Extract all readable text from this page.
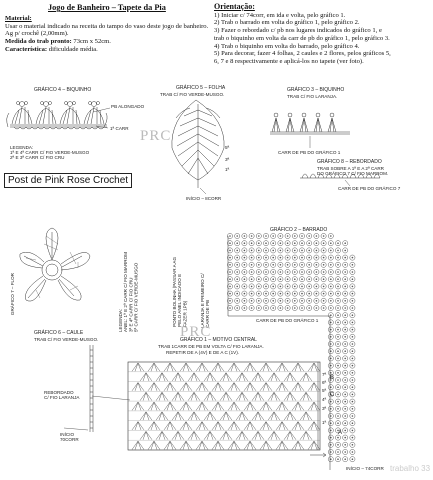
Jogo de Banheiro – Tapete da Pia
Material:
Usar o material indicado na receita do tampo do vaso deste jogo de banheiro.
Ag p/ crochê (2,00mm).
Medida do trab pronto: 73cm x 52cm.
Característica: dificuldade média.
Orientação:
1) Iniciar c/ 74corr, em ida e volta, pelo gráfico 1.
2) Trab o barrado em volta do gráfico 1, pelo gráfico 2.
3) Fazer o rebordado c/ pb nos lugares indicados do gráfico 1, e
trab o biquinho em volta da carr de pb do gráfico 1, pelo gráfico 3.
4) Trab o biquinho em volta do barrado, pelo gráfico 4.
5) Para decorar, fazer 4 folhas, 2 caules e 2 flores, pelos gráficos 5,
6, 7 e 8 respectivamente e aplicá-los no tapete (ver foto).
GRÁFICO 4 – BIQUINHO
PB ALONGADO
1ª CARR
LEGENDA:
1ª E 4ª CARR C/ FIO VERDE-MUSGO
2ª E 3ª CARR C/ FIO CRU
GRÁFICO 5 – FOLHA
TRAB C/ FIO VERDE-MUSGO.
5ª
3ª
1ª
INÍCIO – 8CORR
GRÁFICO 3 – BIQUINHO
TRAB C/ FIO LARANJA.
CARR DE PB DO GRÁFICO 1
GRÁFICO 8 – REBORDADO
TRAB SOBRE A 1ª E A 2ª CARR
DO GRÁFICO 7 C/ FIO MARROM.
CARR DE PB DO GRÁFICO 7
Post de Pink Rose Crochet
PRC
GRÁFICO 7 – FLOR
GRÁFICO 6 – CAULE
TRAB C/ FIO VERDE-MUSGO.
INÍCIO
70CORR
REBORDADO
C/ FIO LARANJA
LEGENDA:
ANEL: 1ª E 2ª CARR C/ FIO MARROM
3ª E 4ª CARR C/ FIO CRU
5ª CARR C/ FIO VERDE-MUSGO	PONTO BOLINHA (PASSAR A AG
PELO ANEL INDICADO E
FAZER 1PB)	LARANJA E PRIMEIRO C/
CARR DE PB
GRÁFICO 2 – BARRADO
CARR DE PB DO GRÁFICO 1
GRÁFICO 1 – MOTIVO CENTRAL
TRAB 1CARR DE PB EM VOLTA C/ FIO LARANJA.
REPETIR DE A (4V) E DE A C (1V).
7ª
6ª
5ª
4ª
3ª
1ª
A
B
C
INÍCIO – 74CORR
PRC
trabalho 33
